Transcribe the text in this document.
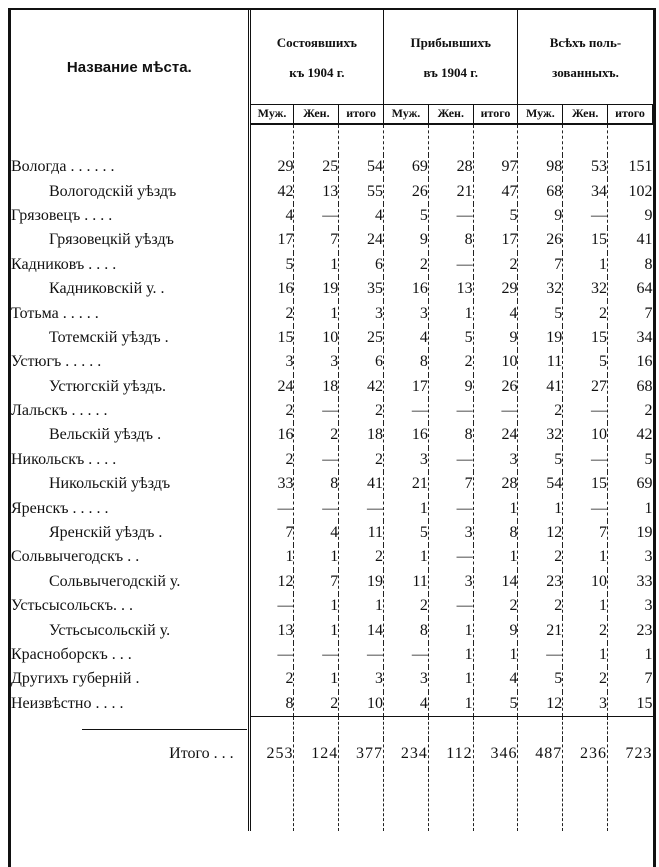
Название мѣста.	
Состоявшихъ
къ 1904 г.

Прибывшихъ
въ 1904 г.

Всѣхъ поль-
зованныхъ.

	Муж.	Жен.	итого	Муж.	Жен.	итого	Муж.	Жен.	итого

Вологда . . . . . .	29	25	54	69	28	97	98	53	151
Вологодскій уѣздъ	42	13	55	26	21	47	68	34	102
Грязовецъ . . . .	4	—	4	5	—	5	9	—	9
Грязовецкій уѣздъ	17	7	24	9	8	17	26	15	41
Кадниковъ . . . .	5	1	6	2	—	2	7	1	8
Кадниковскій у. .	16	19	35	16	13	29	32	32	64
Тотьма . . . . .	2	1	3	3	1	4	5	2	7
Тотемскій уѣздъ .	15	10	25	4	5	9	19	15	34
Устюгъ . . . . .	3	3	6	8	2	10	11	5	16
Устюгскій уѣздъ.	24	18	42	17	9	26	41	27	68
Лальскъ . . . . .	2	—	2	—	—	—	2	—	2
Вельскій уѣздъ .	16	2	18	16	8	24	32	10	42
Никольскъ . . . .	2	—	2	3	—	3	5	—	5
Никольскій уѣздъ	33	8	41	21	7	28	54	15	69
Яренскъ . . . . .	—	—	—	1	—	1	1	—	1
Яренскій уѣздъ .	7	4	11	5	3	8	12	7	19
Сольвычегодскъ . .	1	1	2	1	—	1	2	1	3
Сольвычегодскій у.	12	7	19	11	3	14	23	10	33
Устьсысольскъ. . .	—	1	1	2	—	2	2	1	3
Устьсысольскій у.	13	1	14	8	1	9	21	2	23
Красноборскъ . . .	—	—	—	—	1	1	—	1	1
Другихъ губерній .	2	1	3	3	1	4	5	2	7
Неизвѣстно . . . .	8	2	10	4	1	5	12	3	15

Итого . . .	253	124	377	234	112	346	487	236	723
